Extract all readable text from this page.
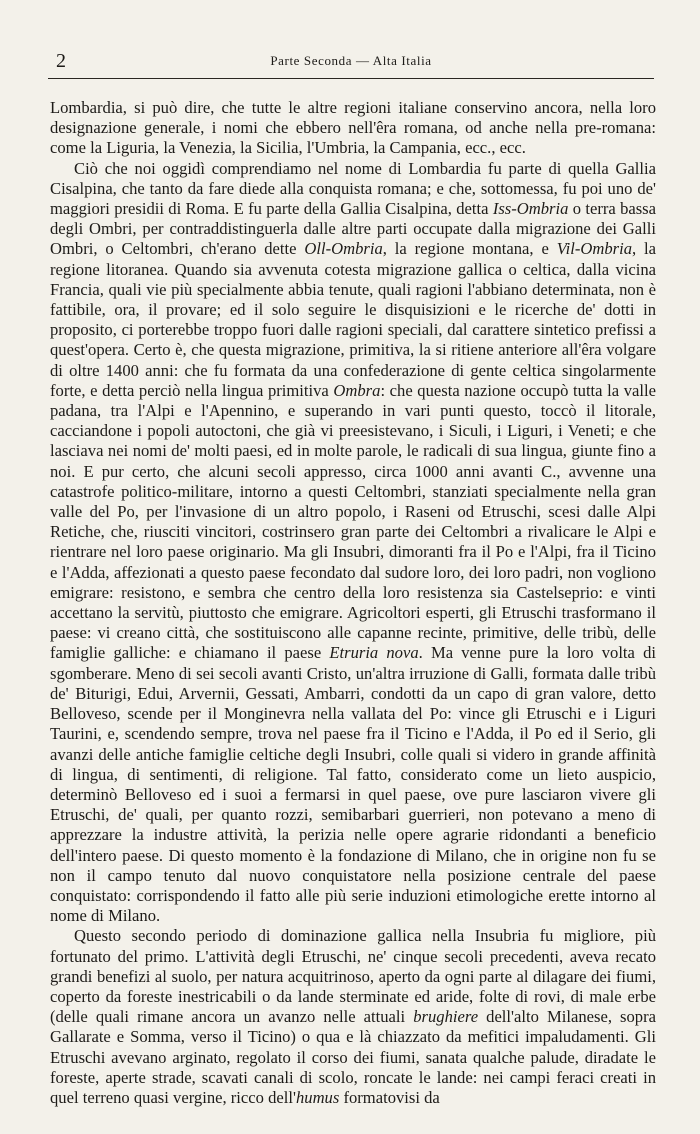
2	Parte Seconda — Alta Italia

Lombardia, si può dire, che tutte le altre regioni italiane conservino ancora, nella loro designazione generale, i nomi che ebbero nell'êra romana, od anche nella pre-romana: come la Liguria, la Venezia, la Sicilia, l'Umbria, la Campania, ecc., ecc.

Ciò che noi oggidì comprendiamo nel nome di Lombardia fu parte di quella Gallia Cisalpina, che tanto da fare diede alla conquista romana; e che, sottomessa, fu poi uno de' maggiori presidii di Roma. E fu parte della Gallia Cisalpina, detta Iss-Ombria o terra bassa degli Ombri, per contraddistinguerla dalle altre parti occupate dalla migrazione dei Galli Ombri, o Celtombri, ch'erano dette Oll-Ombria, la regione montana, e Vil-Ombria, la regione litoranea. Quando sia avvenuta cotesta migrazione gallica o celtica, dalla vicina Francia, quali vie più specialmente abbia tenute, quali ragioni l'abbiano determinata, non è fattibile, ora, il provare; ed il solo seguire le disquisizioni e le ricerche de' dotti in proposito, ci porterebbe troppo fuori dalle ragioni speciali, dal carattere sintetico prefissi a quest'opera. Certo è, che questa migrazione, primitiva, la si ritiene anteriore all'êra volgare di oltre 1400 anni: che fu formata da una confederazione di gente celtica singolarmente forte, e detta perciò nella lingua primitiva Ombra: che questa nazione occupò tutta la valle padana, tra l'Alpi e l'Apennino, e superando in vari punti questo, toccò il litorale, cacciandone i popoli autoctoni, che già vi preesistevano, i Siculi, i Liguri, i Veneti; e che lasciava nei nomi de' molti paesi, ed in molte parole, le radicali di sua lingua, giunte fino a noi. E pur certo, che alcuni secoli appresso, circa 1000 anni avanti C., avvenne una catastrofe politico-militare, intorno a questi Celtombri, stanziati specialmente nella gran valle del Po, per l'invasione di un altro popolo, i Raseni od Etruschi, scesi dalle Alpi Retiche, che, riusciti vincitori, costrinsero gran parte dei Celtombri a rivalicare le Alpi e rientrare nel loro paese originario. Ma gli Insubri, dimoranti fra il Po e l'Alpi, fra il Ticino e l'Adda, affezionati a questo paese fecondato dal sudore loro, dei loro padri, non vogliono emigrare: resistono, e sembra che centro della loro resistenza sia Castelseprio: e vinti accettano la servitù, piuttosto che emigrare. Agricoltori esperti, gli Etruschi trasformano il paese: vi creano città, che sostituiscono alle capanne recinte, primitive, delle tribù, delle famiglie galliche: e chiamano il paese Etruria nova. Ma venne pure la loro volta di sgomberare. Meno di sei secoli avanti Cristo, un'altra irruzione di Galli, formata dalle tribù de' Biturigi, Edui, Arvernii, Gessati, Ambarri, condotti da un capo di gran valore, detto Belloveso, scende per il Monginevra nella vallata del Po: vince gli Etruschi e i Liguri Taurini, e, scendendo sempre, trova nel paese fra il Ticino e l'Adda, il Po ed il Serio, gli avanzi delle antiche famiglie celtiche degli Insubri, colle quali si videro in grande affinità di lingua, di sentimenti, di religione. Tal fatto, considerato come un lieto auspicio, determinò Belloveso ed i suoi a fermarsi in quel paese, ove pure lasciaron vivere gli Etruschi, de' quali, per quanto rozzi, semibarbari guerrieri, non potevano a meno di apprezzare la industre attività, la perizia nelle opere agrarie ridondanti a beneficio dell'intero paese. Di questo momento è la fondazione di Milano, che in origine non fu se non il campo tenuto dal nuovo conquistatore nella posizione centrale del paese conquistato: corrispondendo il fatto alle più serie induzioni etimologiche erette intorno al nome di Milano.

Questo secondo periodo di dominazione gallica nella Insubria fu migliore, più fortunato del primo. L'attività degli Etruschi, ne' cinque secoli precedenti, aveva recato grandi benefizi al suolo, per natura acquitrinoso, aperto da ogni parte al dilagare dei fiumi, coperto da foreste inestricabili o da lande sterminate ed aride, folte di rovi, di male erbe (delle quali rimane ancora un avanzo nelle attuali brughiere dell'alto Milanese, sopra Gallarate e Somma, verso il Ticino) o qua e là chiazzato da mefitici impaludamenti. Gli Etruschi avevano arginato, regolato il corso dei fiumi, sanata qualche palude, diradate le foreste, aperte strade, scavati canali di scolo, roncate le lande: nei campi feraci creati in quel terreno quasi vergine, ricco dell'humus formatovisi da
